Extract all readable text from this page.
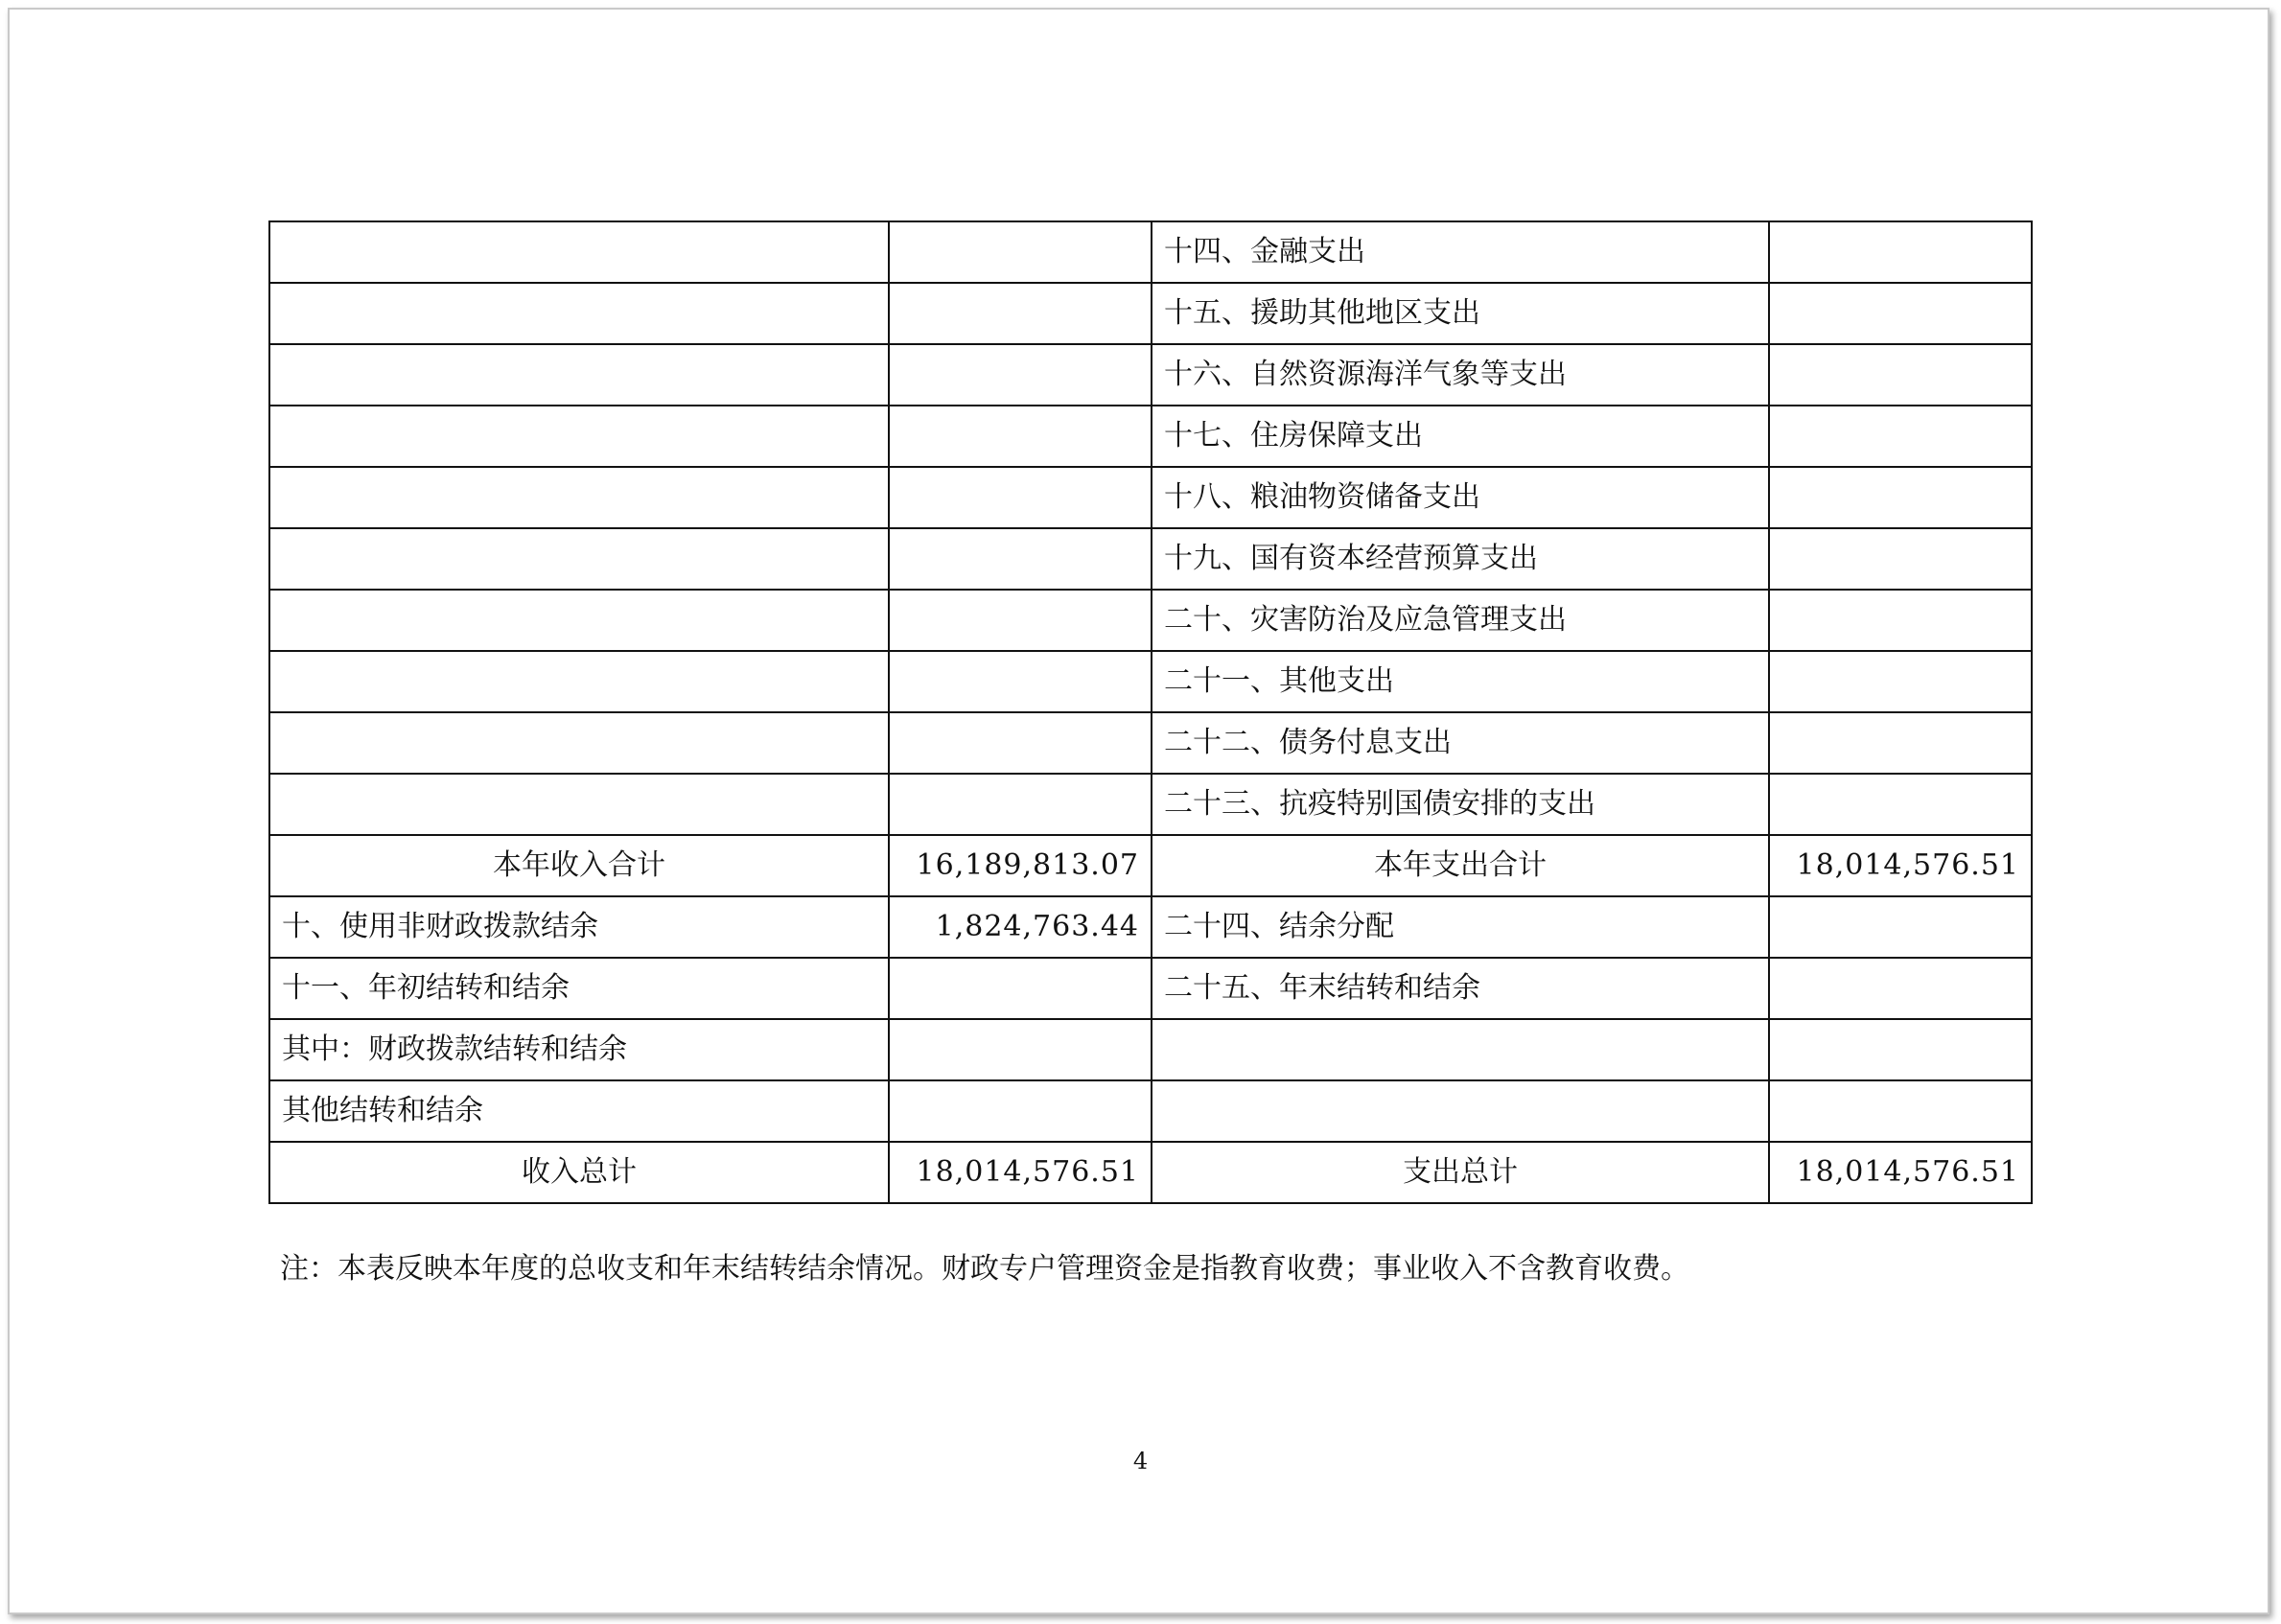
		十四、金融支出	
		十五、援助其他地区支出	
		十六、自然资源海洋气象等支出	
		十七、住房保障支出	
		十八、粮油物资储备支出	
		十九、国有资本经营预算支出	
		二十、灾害防治及应急管理支出	
		二十一、其他支出	
		二十二、债务付息支出	
		二十三、抗疫特别国债安排的支出	
本年收入合计	16,189,813.07	本年支出合计	18,014,576.51
十、使用非财政拨款结余	1,824,763.44	二十四、结余分配	
十一、年初结转和结余		二十五、年末结转和结余	
其中：财政拨款结转和结余			
其他结转和结余			
收入总计	18,014,576.51	支出总计	18,014,576.51
注：本表反映本年度的总收支和年末结转结余情况。财政专户管理资金是指教育收费；事业收入不含教育收费。
4
